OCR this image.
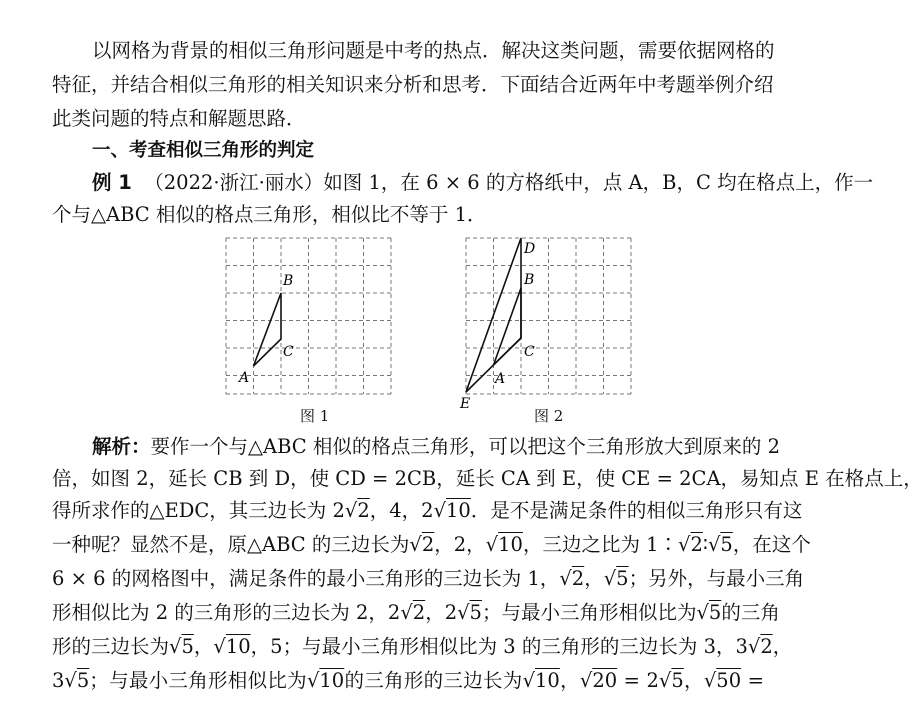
以网格为背景的相似三角形问题是中考的热点．解决这类问题，需要依据网格的
特征，并结合相似三角形的相关知识来分析和思考．下面结合近两年中考题举例介绍
此类问题的特点和解题思路．
一、考查相似三角形的判定
例 1 （2022·浙江·丽水）如图 1，在 6 × 6 的方格纸中，点 A，B，C 均在格点上，作一
个与△ABC 相似的格点三角形，相似比不等于 1．
B
C
A
图 1
D
B
C
A
E
图 2
解析：要作一个与△ABC 相似的格点三角形，可以把这个三角形放大到原来的 2
倍，如图 2，延长 CB 到 D，使 CD = 2CB，延长 CA 到 E，使 CE = 2CA，易知点 E 在格点上，
得所求作的△EDC，其三边长为 2√2，4，2√10．是不是满足条件的相似三角形只有这
一种呢？显然不是，原△ABC 的三边长为√2，2，√10，三边之比为 1∶√2∶√5，在这个
6 × 6 的网格图中，满足条件的最小三角形的三边长为 1，√2，√5；另外，与最小三角
形相似比为 2 的三角形的三边长为 2，2√2，2√5；与最小三角形相似比为√5的三角
形的三边长为√5，√10，5；与最小三角形相似比为 3 的三角形的三边长为 3，3√2，
3√5；与最小三角形相似比为√10的三角形的三边长为√10，√20 = 2√5，√50 =
